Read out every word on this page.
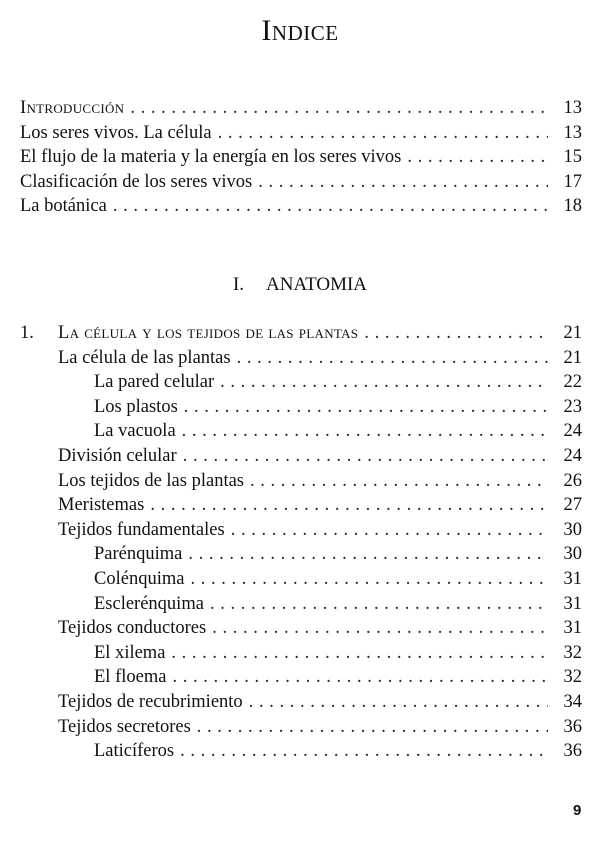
Indice
Introducción . . .	13
Los seres vivos. La célula . . .	13
El flujo de la materia y la energía en los seres vivos . . .	15
Clasificación de los seres vivos . . .	17
La botánica . . .	18
I. ANATOMIA
1.	La célula y los tejidos de las plantas . . .	21
La célula de las plantas . . .	21
La pared celular . . .	22
Los plastos . . .	23
La vacuola . . .	24
División celular . . .	24
Los tejidos de las plantas . . .	26
Meristemas . . .	27
Tejidos fundamentales . . .	30
Parénquima . . .	30
Colénquima . . .	31
Esclerénquima . . .	31
Tejidos conductores . . .	31
El xilema . . .	32
El floema . . .	32
Tejidos de recubrimiento . . .	34
Tejidos secretores . . .	36
Laticíferos . . .	36
9
